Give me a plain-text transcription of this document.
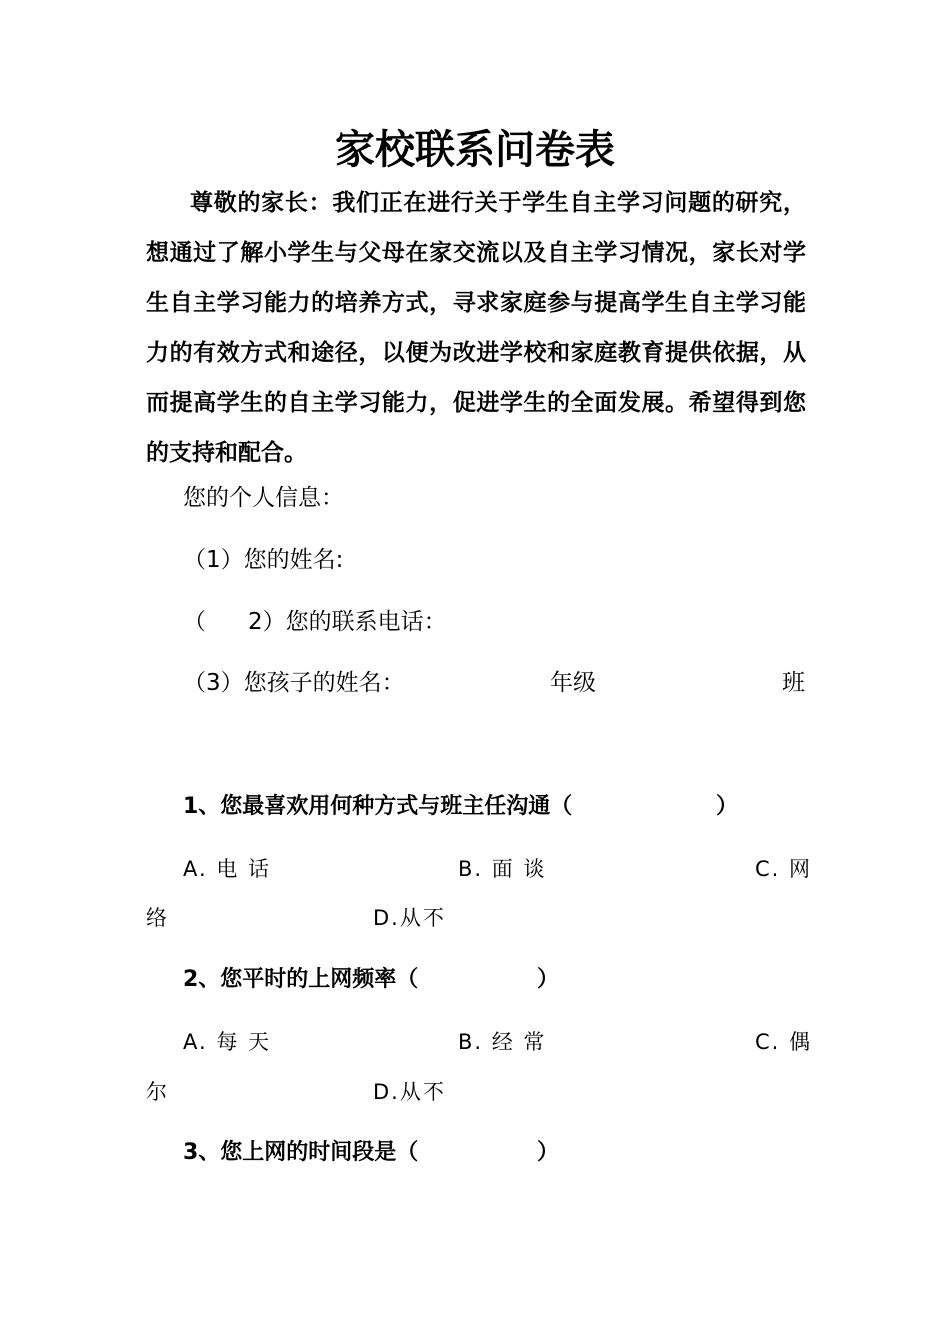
家校联系问卷表
尊敬的家长：我们正在进行关于学生自主学习问题的研究，想通过了解小学生与父母在家交流以及自主学习情况，家长对学生自主学习能力的培养方式，寻求家庭参与提高学生自主学习能力的有效方式和途径，以便为改进学校和家庭教育提供依据，从而提高学生的自主学习能力，促进学生的全面发展。希望得到您的支持和配合。
您的个人信息：
（1）您的姓名:
（ 2）您的联系电话：
（3）您孩子的姓名：	年级	班
1、您最喜欢用何种方式与班主任沟通（	）
A. 电 话	B. 面 谈	C. 网
络	D.从不
2、您平时的上网频率（	）
A. 每 天	B. 经 常	C. 偶
尔	D.从不
3、您上网的时间段是（	）
